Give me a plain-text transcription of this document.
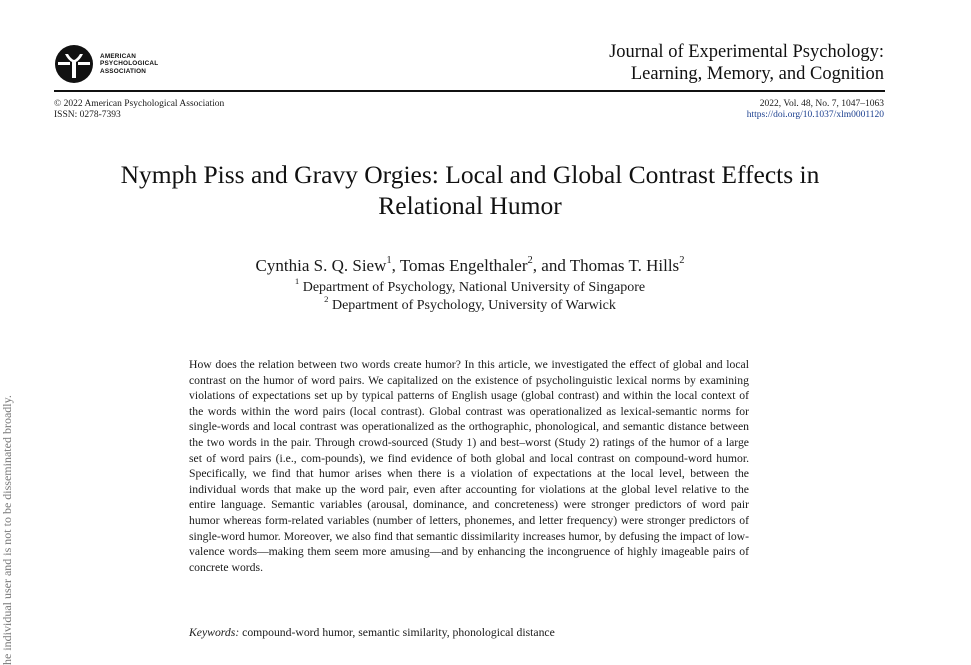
AMERICAN
PSYCHOLOGICAL
ASSOCIATION
Journal of Experimental Psychology:
Learning, Memory, and Cognition
© 2022 American Psychological Association
ISSN: 0278-7393
2022, Vol. 48, No. 7, 1047–1063
https://doi.org/10.1037/xlm0001120
Nymph Piss and Gravy Orgies: Local and Global Contrast Effects in
Relational Humor
Cynthia S. Q. Siew$^1$, Tomas Engelthaler$^2$, and Thomas T. Hills$^2$
$^1$ Department of Psychology, National University of Singapore
$^2$ Department of Psychology, University of Warwick
How does the relation between two words create humor? In this article, we investigated the effect of global and local contrast on the humor of word pairs. We capitalized on the existence of psycholinguistic lexical norms by examining violations of expectations set up by typical patterns of English usage (global contrast) and within the local context of the words within the word pairs (local contrast). Global contrast was operationalized as lexical-semantic norms for single-words and local contrast was operationalized as the orthographic, phonological, and semantic distance between the two words in the pair. Through crowd-sourced (Study 1) and best–worst (Study 2) ratings of the humor of a large set of word pairs (i.e., com-pounds), we find evidence of both global and local contrast on compound-word humor. Specifically, we find that humor arises when there is a violation of expectations at the local level, between the individual words that make up the word pair, even after accounting for violations at the global level relative to the entire language. Semantic variables (arousal, dominance, and concreteness) were stronger predictors of word pair humor whereas form-related variables (number of letters, phonemes, and letter frequency) were stronger predictors of single-word humor. Moreover, we also find that semantic dissimilarity increases humor, by defusing the impact of low-valence words—making them seem more amusing—and by enhancing the incongruence of highly imageable pairs of concrete words.
Keywords: compound-word humor, semantic similarity, phonological distance
he individual user and is not to be disseminated broadly.
